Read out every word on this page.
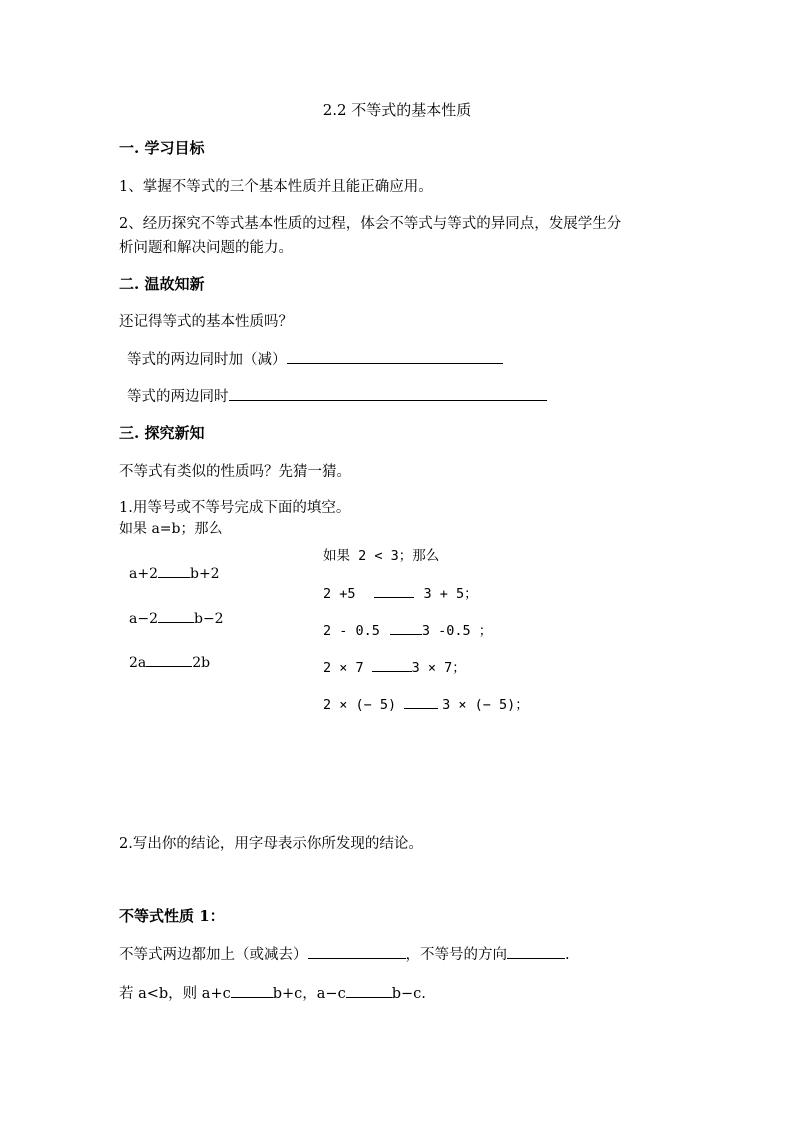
2.2 不等式的基本性质
一. 学习目标
1、掌握不等式的三个基本性质并且能正确应用。
2、经历探究不等式基本性质的过程，体会不等式与等式的异同点，发展学生分
析问题和解决问题的能力。
二. 温故知新
还记得等式的基本性质吗？
等式的两边同时加（减）
等式的两边同时
三. 探究新知
不等式有类似的性质吗？先猜一猜。
1.用等号或不等号完成下面的填空。
如果 a=b；那么
a+2 b+2
a−2	b−2
2a	2b
如果 2 < 3；那么
2 +5	3 + 5；
2 - 0.5	3 -0.5 ；
2 × 7	3 × 7；
2 × (− 5)	3 × (− 5)；
2.写出你的结论，用字母表示你所发现的结论。
不等式性质 1：
不等式两边都加上（或减去）	，不等号的方向	.
若 a<b，则 a+c	b+c，a−c	b−c.
